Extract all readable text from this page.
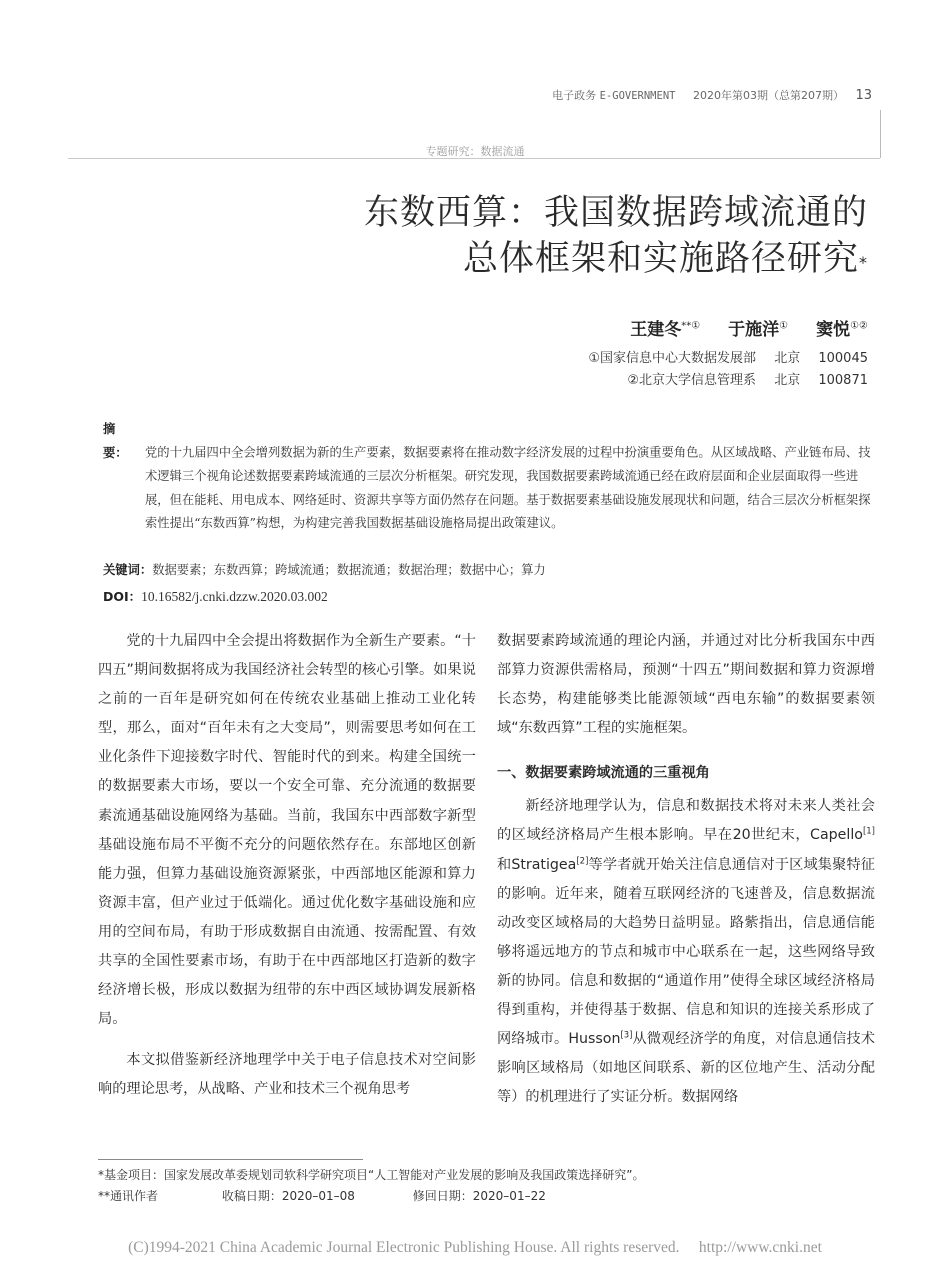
电子政务 E-GOVERNMENT 2020年第03期（总第207期） 13
专题研究：数据流通
东数西算：我国数据跨域流通的
总体框架和实施路径研究*
王建冬**① 于施洋① 窦悦①②
①国家信息中心大数据发展部 北京 100045
②北京大学信息管理系 北京 100871
摘　要： 党的十九届四中全会增列数据为新的生产要素，数据要素将在推动数字经济发展的过程中扮演重要角色。从区域战略、产业链布局、技术逻辑三个视角论述数据要素跨域流通的三层次分析框架。研究发现，我国数据要素跨域流通已经在政府层面和企业层面取得一些进展，但在能耗、用电成本、网络延时、资源共享等方面仍然存在问题。基于数据要素基础设施发展现状和问题，结合三层次分析框架探索性提出“东数西算”构想，为构建完善我国数据基础设施格局提出政策建议。
关键词：数据要素；东数西算；跨域流通；数据流通；数据治理；数据中心；算力
DOI：10.16582/j.cnki.dzzw.2020.03.002

党的十九届四中全会提出将数据作为全新生产要素。“十四五”期间数据将成为我国经济社会转型的核心引擎。如果说之前的一百年是研究如何在传统农业基础上推动工业化转型，那么，面对“百年未有之大变局”，则需要思考如何在工业化条件下迎接数字时代、智能时代的到来。构建全国统一的数据要素大市场，要以一个安全可靠、充分流通的数据要素流通基础设施网络为基础。当前，我国东中西部数字新型基础设施布局不平衡不充分的问题依然存在。东部地区创新能力强，但算力基础设施资源紧张，中西部地区能源和算力资源丰富，但产业过于低端化。通过优化数字基础设施和应用的空间布局，有助于形成数据自由流通、按需配置、有效共享的全国性要素市场，有助于在中西部地区打造新的数字经济增长极，形成以数据为纽带的东中西区域协调发展新格局。

本文拟借鉴新经济地理学中关于电子信息技术对空间影响的理论思考，从战略、产业和技术三个视角思考

数据要素跨域流通的理论内涵，并通过对比分析我国东中西部算力资源供需格局，预测“十四五”期间数据和算力资源增长态势，构建能够类比能源领域“西电东输”的数据要素领域“东数西算”工程的实施框架。

一、数据要素跨域流通的三重视角

新经济地理学认为，信息和数据技术将对未来人类社会的区域经济格局产生根本影响。早在20世纪末，Capello[1]和Stratigea[2]等学者就开始关注信息通信对于区域集聚特征的影响。近年来，随着互联网经济的飞速普及，信息数据流动改变区域格局的大趋势日益明显。路紫指出，信息通信能够将遥远地方的节点和城市中心联系在一起，这些网络导致新的协同。信息和数据的“通道作用”使得全球区域经济格局得到重构，并使得基于数据、信息和知识的连接关系形成了网络城市。Husson[3]从微观经济学的角度，对信息通信技术影响区域格局（如地区间联系、新的区位地产生、活动分配等）的机理进行了实证分析。数据网络

*基金项目：国家发展改革委规划司软科学研究项目“人工智能对产业发展的影响及我国政策选择研究”。
**通讯作者	收稿日期：2020–01–08	修回日期：2020–01–22
(C)1994-2021 China Academic Journal Electronic Publishing House. All rights reserved.　 http://www.cnki.net
